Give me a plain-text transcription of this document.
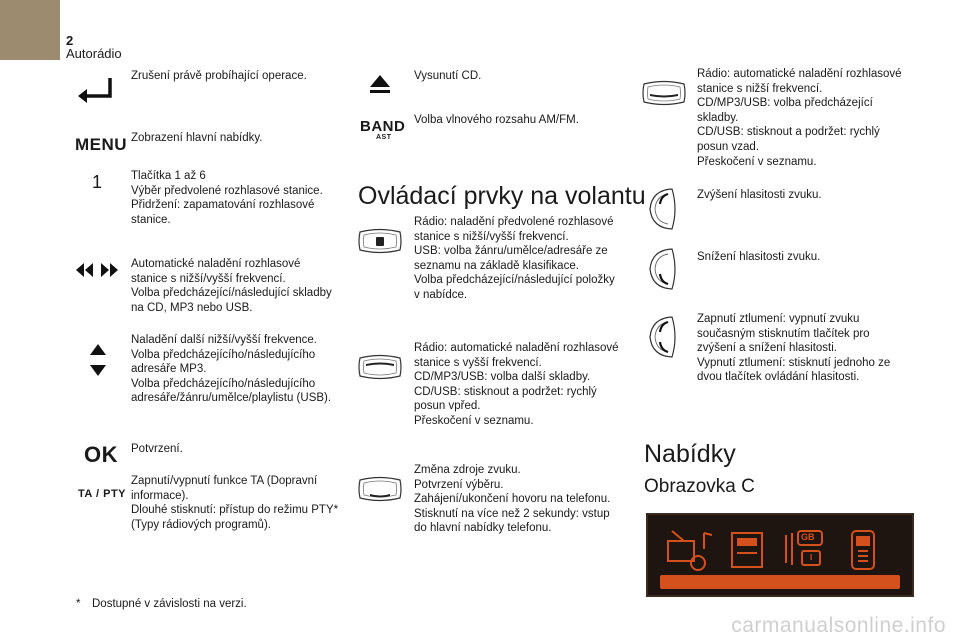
2
Autorádio
Zrušení právě probíhající operace.
MENU Zobrazení hlavní nabídky.
1 Tlačítka 1 až 6
Výběr předvolené rozhlasové stanice.
Přidržení: zapamatování rozhlasové
stanice.
Automatické naladění rozhlasové
stanice s nižší/vyšší frekvencí.
Volba předcházející/následující skladby
na CD, MP3 nebo USB.
Naladění další nižší/vyšší frekvence.
Volba předcházejícího/následujícího
adresáře MP3.
Volba předcházejícího/následujícího
adresáře/žánru/umělce/playlistu (USB).
OK Potvrzení.
TA / PTY
Zapnutí/vypnutí funkce TA (Dopravní
informace).
Dlouhé stisknutí: přístup do režimu PTY*
(Typy rádiových programů).
* Dostupné v závislosti na verzi.
Vysunutí CD.
BAND
AST
Volba vlnového rozsahu AM/FM.
Ovládací prvky na volantu
Rádio: naladění předvolené rozhlasové
stanice s nižší/vyšší frekvencí.
USB: volba žánru/umělce/adresáře ze
seznamu na základě klasifikace.
Volba předcházející/následující položky
v nabídce.
Rádio: automatické naladění rozhlasové
stanice s vyšší frekvencí.
CD/MP3/USB: volba další skladby.
CD/USB: stisknout a podržet: rychlý
posun vpřed.
Přeskočení v seznamu.
Změna zdroje zvuku.
Potvrzení výběru.
Zahájení/ukončení hovoru na telefonu.
Stisknutí na více než 2 sekundy: vstup
do hlavní nabídky telefonu.
Rádio: automatické naladění rozhlasové
stanice s nižší frekvencí.
CD/MP3/USB: volba předcházející
skladby.
CD/USB: stisknout a podržet: rychlý
posun vzad.
Přeskočení v seznamu.
Zvýšení hlasitosti zvuku.
Snížení hlasitosti zvuku.
Zapnutí ztlumení: vypnutí zvuku
současným stisknutím tlačítek pro
zvýšení a snížení hlasitosti.
Vypnutí ztlumení: stisknutí jednoho ze
dvou tlačítek ovládání hlasitosti.
Nabídky
Obrazovka C
GB
I
carmanualsonline.info
